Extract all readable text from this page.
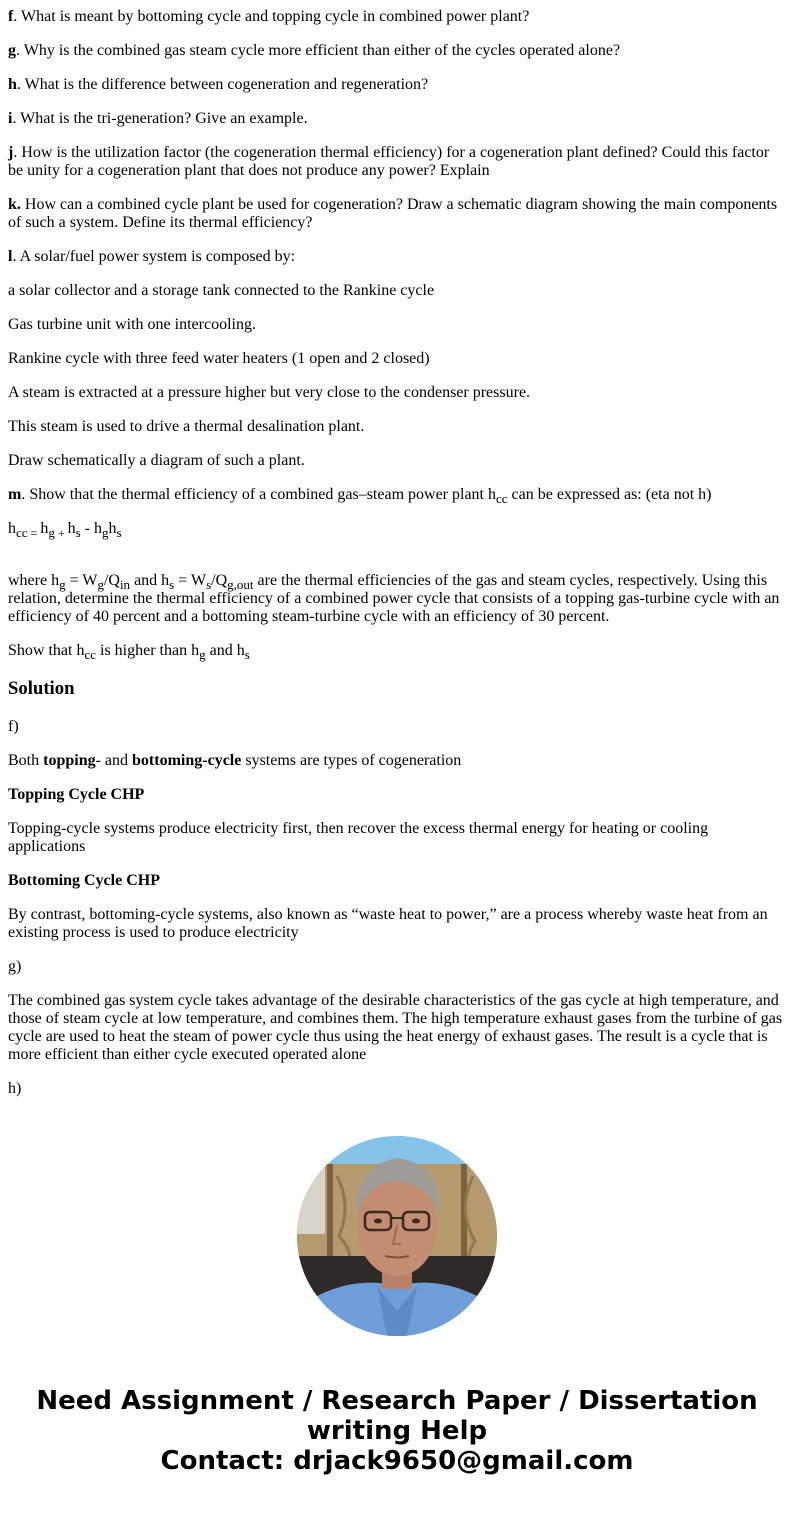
f. What is meant by bottoming cycle and topping cycle in combined power plant?

g. Why is the combined gas steam cycle more efficient than either of the cycles operated alone?

h. What is the difference between cogeneration and regeneration?

i. What is the tri-generation? Give an example.

j. How is the utilization factor (the cogeneration thermal efficiency) for a cogeneration plant defined? Could this factor be unity for a cogeneration plant that does not produce any power? Explain

k. How can a combined cycle plant be used for cogeneration? Draw a schematic diagram showing the main components of such a system. Define its thermal efficiency?

l. A solar/fuel power system is composed by:

a solar collector and a storage tank connected to the Rankine cycle

Gas turbine unit with one intercooling.

Rankine cycle with three feed water heaters (1 open and 2 closed)

A steam is extracted at a pressure higher but very close to the condenser pressure.

This steam is used to drive a thermal desalination plant.

Draw schematically a diagram of such a plant.

m. Show that the thermal efficiency of a combined gas–steam power plant $h_{cc}$ can be expressed as: (eta not h)

$h_{cc}$ $_=$ $h_g$ $_+$ $h_s - h_gh_s$

where $h_g = W_g/Q_{in}$ and $h_s = W_s/Q_{g,out}$ are the thermal efficiencies of the gas and steam cycles, respectively. Using this relation, determine the thermal efficiency of a combined power cycle that consists of a topping gas-turbine cycle with an efficiency of 40 percent and a bottoming steam-turbine cycle with an efficiency of 30 percent.

Show that $h_{cc}$ is higher than $h_g$ and $h_s$

Solution

f)

Both topping- and bottoming-cycle systems are types of cogeneration

Topping Cycle CHP

Topping-cycle systems produce electricity first, then recover the excess thermal energy for heating or cooling applications

Bottoming Cycle CHP

By contrast, bottoming-cycle systems, also known as “waste heat to power,” are a process whereby waste heat from an existing process is used to produce electricity

g)

The combined gas system cycle takes advantage of the desirable characteristics of the gas cycle at high temperature, and those of steam cycle at low temperature, and combines them. The high temperature exhaust gases from the turbine of gas cycle are used to heat the steam of power cycle thus using the heat energy of exhaust gases. The result is a cycle that is more efficient than either cycle executed operated alone

h)

Need Assignment / Research Paper / Dissertation
writing Help
Contact: drjack9650@gmail.com
